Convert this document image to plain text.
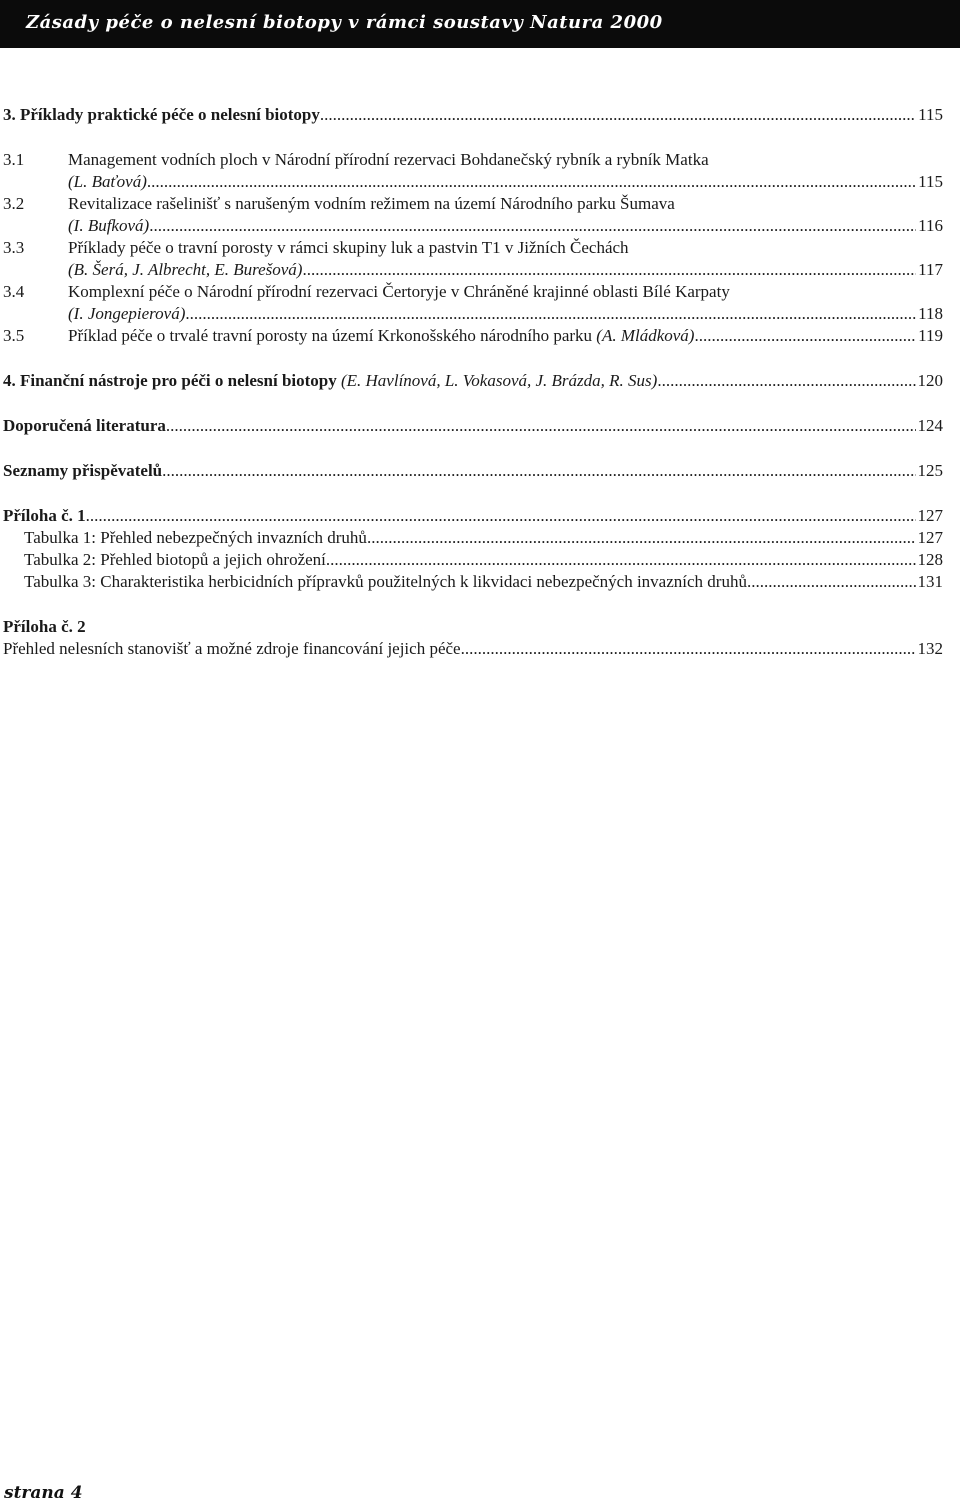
Zásady péče o nelesní biotopy v rámci soustavy Natura 2000
3. Příklady praktické péče o nelesní biotopy .....	115
3.1	Management vodních ploch v Národní přírodní rezervaci Bohdanečský rybník a rybník Matka
(L. Baťová) .....	115
3.2	Revitalizace rašelinišť s narušeným vodním režimem na území Národního parku Šumava
(I. Bufková) .....	116
3.3	Příklady péče o travní porosty v rámci skupiny luk a pastvin T1 v Jižních Čechách
(B. Šerá, J. Albrecht, E. Burešová) .....	117
3.4	Komplexní péče o Národní přírodní rezervaci Čertoryje v Chráněné krajinné oblasti Bílé Karpaty
(I. Jongepierová) .....	118
3.5	Příklad péče o trvalé travní porosty na území Krkonošského národního parku (A. Mládková) .....	119
4. Finanční nástroje pro péči o nelesní biotopy (E. Havlínová, L. Vokasová, J. Brázda, R. Sus) .....	120
Doporučená literatura .....	124
Seznamy přispěvatelů .....	125
Příloha č. 1 .....	127
Tabulka 1: Přehled nebezpečných invazních druhů .....	127
Tabulka 2: Přehled biotopů a jejich ohrožení .....	128
Tabulka 3: Charakteristika herbicidních přípravků použitelných k likvidaci nebezpečných invazních druhů .....	131
Příloha č. 2
Přehled nelesních stanovišť a možné zdroje financování jejich péče .....	132
strana 4
